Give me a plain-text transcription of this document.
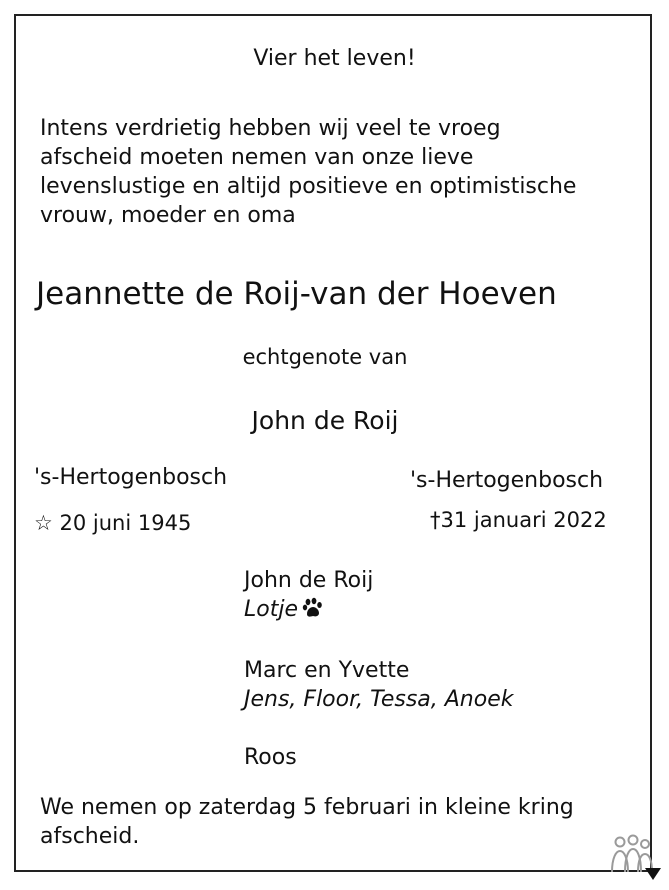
Vier het leven!
Intens verdrietig hebben wij veel te vroeg
afscheid moeten nemen van onze lieve
levenslustige en altijd positieve en optimistische
vrouw, moeder en oma
Jeannette de Roij-van der Hoeven
echtgenote van
John de Roij
's-Hertogenbosch	's-Hertogenbosch
☆ 20 juni 1945	†31 januari 2022
John de Roij
Lotje
Marc en Yvette
Jens, Floor, Tessa, Anoek
Roos
We nemen op zaterdag 5 februari in kleine kring
afscheid.
